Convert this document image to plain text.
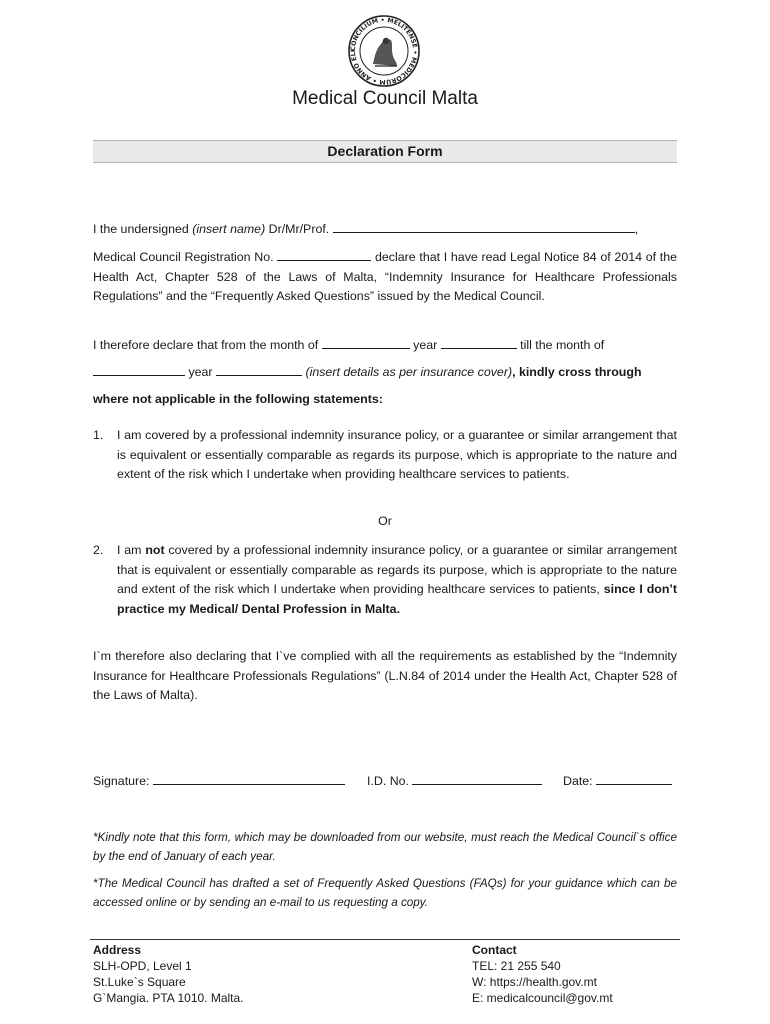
CONCILIUM • MELITENSE • MEDICORUM • ANNO ELI
Medical Council Malta
Declaration Form
I the undersigned (insert name) Dr/Mr/Prof.	,
Medical Council Registration No.	declare that I have read Legal Notice 84 of 2014 of the Health Act, Chapter 528 of the Laws of Malta, “Indemnity Insurance for Healthcare Professionals Regulations” and the “Frequently Asked Questions” issued by the Medical Council.
I therefore declare that from the month of	year	till the month of
year	(insert details as per insurance cover), kindly cross through
where not applicable in the following statements:
1.	I am covered by a professional indemnity insurance policy, or a guarantee or similar arrangement that is equivalent or essentially comparable as regards its purpose, which is appropriate to the nature and extent of the risk which I undertake when providing healthcare services to patients.
Or
2.	I am not covered by a professional indemnity insurance policy, or a guarantee or similar arrangement that is equivalent or essentially comparable as regards its purpose, which is appropriate to the nature and extent of the risk which I undertake when providing healthcare services to patients, since I don’t practice my Medical/ Dental Profession in Malta.
I`m therefore also declaring that I`ve complied with all the requirements as established by the “Indemnity Insurance for Healthcare Professionals Regulations” (L.N.84 of 2014 under the Health Act, Chapter 528 of the Laws of Malta).
Signature:	I.D. No.	Date:
*Kindly note that this form, which may be downloaded from our website, must reach the Medical Council`s office by the end of January of each year.
*The Medical Council has drafted a set of Frequently Asked Questions (FAQs) for your guidance which can be accessed online or by sending an e-mail to us requesting a copy.
Address
SLH-OPD, Level 1
St.Luke`s Square
G`Mangia. PTA 1010. Malta.
Contact
TEL: 21 255 540
W: https://health.gov.mt
E: medicalcouncil@gov.mt
